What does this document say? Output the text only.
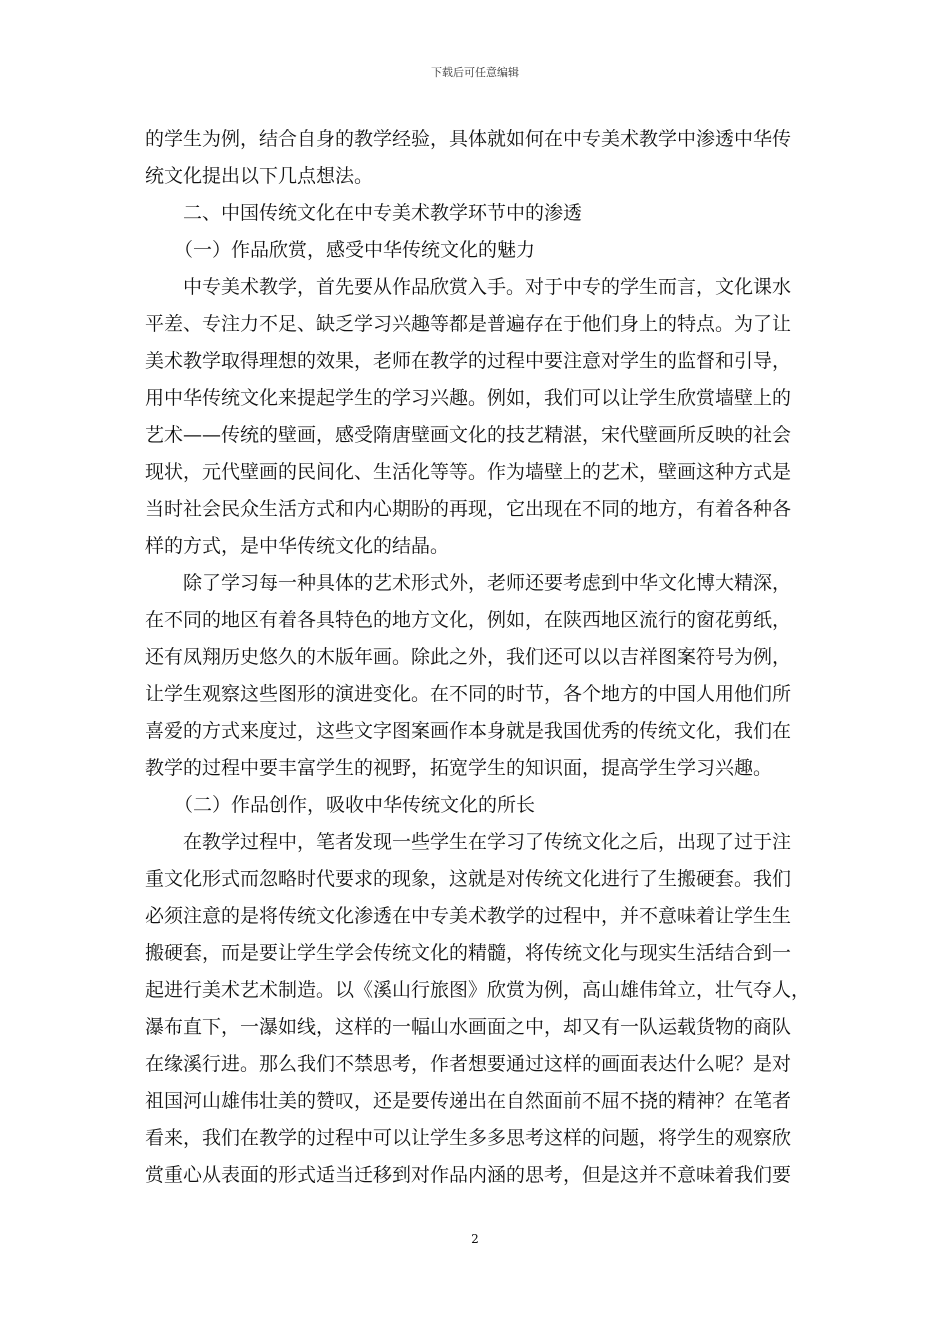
下载后可任意编辑
的学生为例，结合自身的教学经验，具体就如何在中专美术教学中渗透中华传
统文化提出以下几点想法。
二、中国传统文化在中专美术教学环节中的渗透
（一）作品欣赏，感受中华传统文化的魅力
中专美术教学，首先要从作品欣赏入手。对于中专的学生而言，文化课水
平差、专注力不足、缺乏学习兴趣等都是普遍存在于他们身上的特点。为了让
美术教学取得理想的效果，老师在教学的过程中要注意对学生的监督和引导，
用中华传统文化来提起学生的学习兴趣。例如，我们可以让学生欣赏墙壁上的
艺术——传统的壁画，感受隋唐壁画文化的技艺精湛，宋代壁画所反映的社会
现状，元代壁画的民间化、生活化等等。作为墙壁上的艺术，壁画这种方式是
当时社会民众生活方式和内心期盼的再现，它出现在不同的地方，有着各种各
样的方式，是中华传统文化的结晶。
除了学习每一种具体的艺术形式外，老师还要考虑到中华文化博大精深，
在不同的地区有着各具特色的地方文化，例如，在陕西地区流行的窗花剪纸，
还有凤翔历史悠久的木版年画。除此之外，我们还可以以吉祥图案符号为例，
让学生观察这些图形的演进变化。在不同的时节，各个地方的中国人用他们所
喜爱的方式来度过，这些文字图案画作本身就是我国优秀的传统文化，我们在
教学的过程中要丰富学生的视野，拓宽学生的知识面，提高学生学习兴趣。
（二）作品创作，吸收中华传统文化的所长
在教学过程中，笔者发现一些学生在学习了传统文化之后，出现了过于注
重文化形式而忽略时代要求的现象，这就是对传统文化进行了生搬硬套。我们
必须注意的是将传统文化渗透在中专美术教学的过程中，并不意味着让学生生
搬硬套，而是要让学生学会传统文化的精髓，将传统文化与现实生活结合到一
起进行美术艺术制造。以《溪山行旅图》欣赏为例，高山雄伟耸立，壮气夺人，
瀑布直下，一瀑如线，这样的一幅山水画面之中，却又有一队运载货物的商队
在缘溪行进。那么我们不禁思考，作者想要通过这样的画面表达什么呢？是对
祖国河山雄伟壮美的赞叹，还是要传递出在自然面前不屈不挠的精神？在笔者
看来，我们在教学的过程中可以让学生多多思考这样的问题，将学生的观察欣
赏重心从表面的形式适当迁移到对作品内涵的思考，但是这并不意味着我们要
2
